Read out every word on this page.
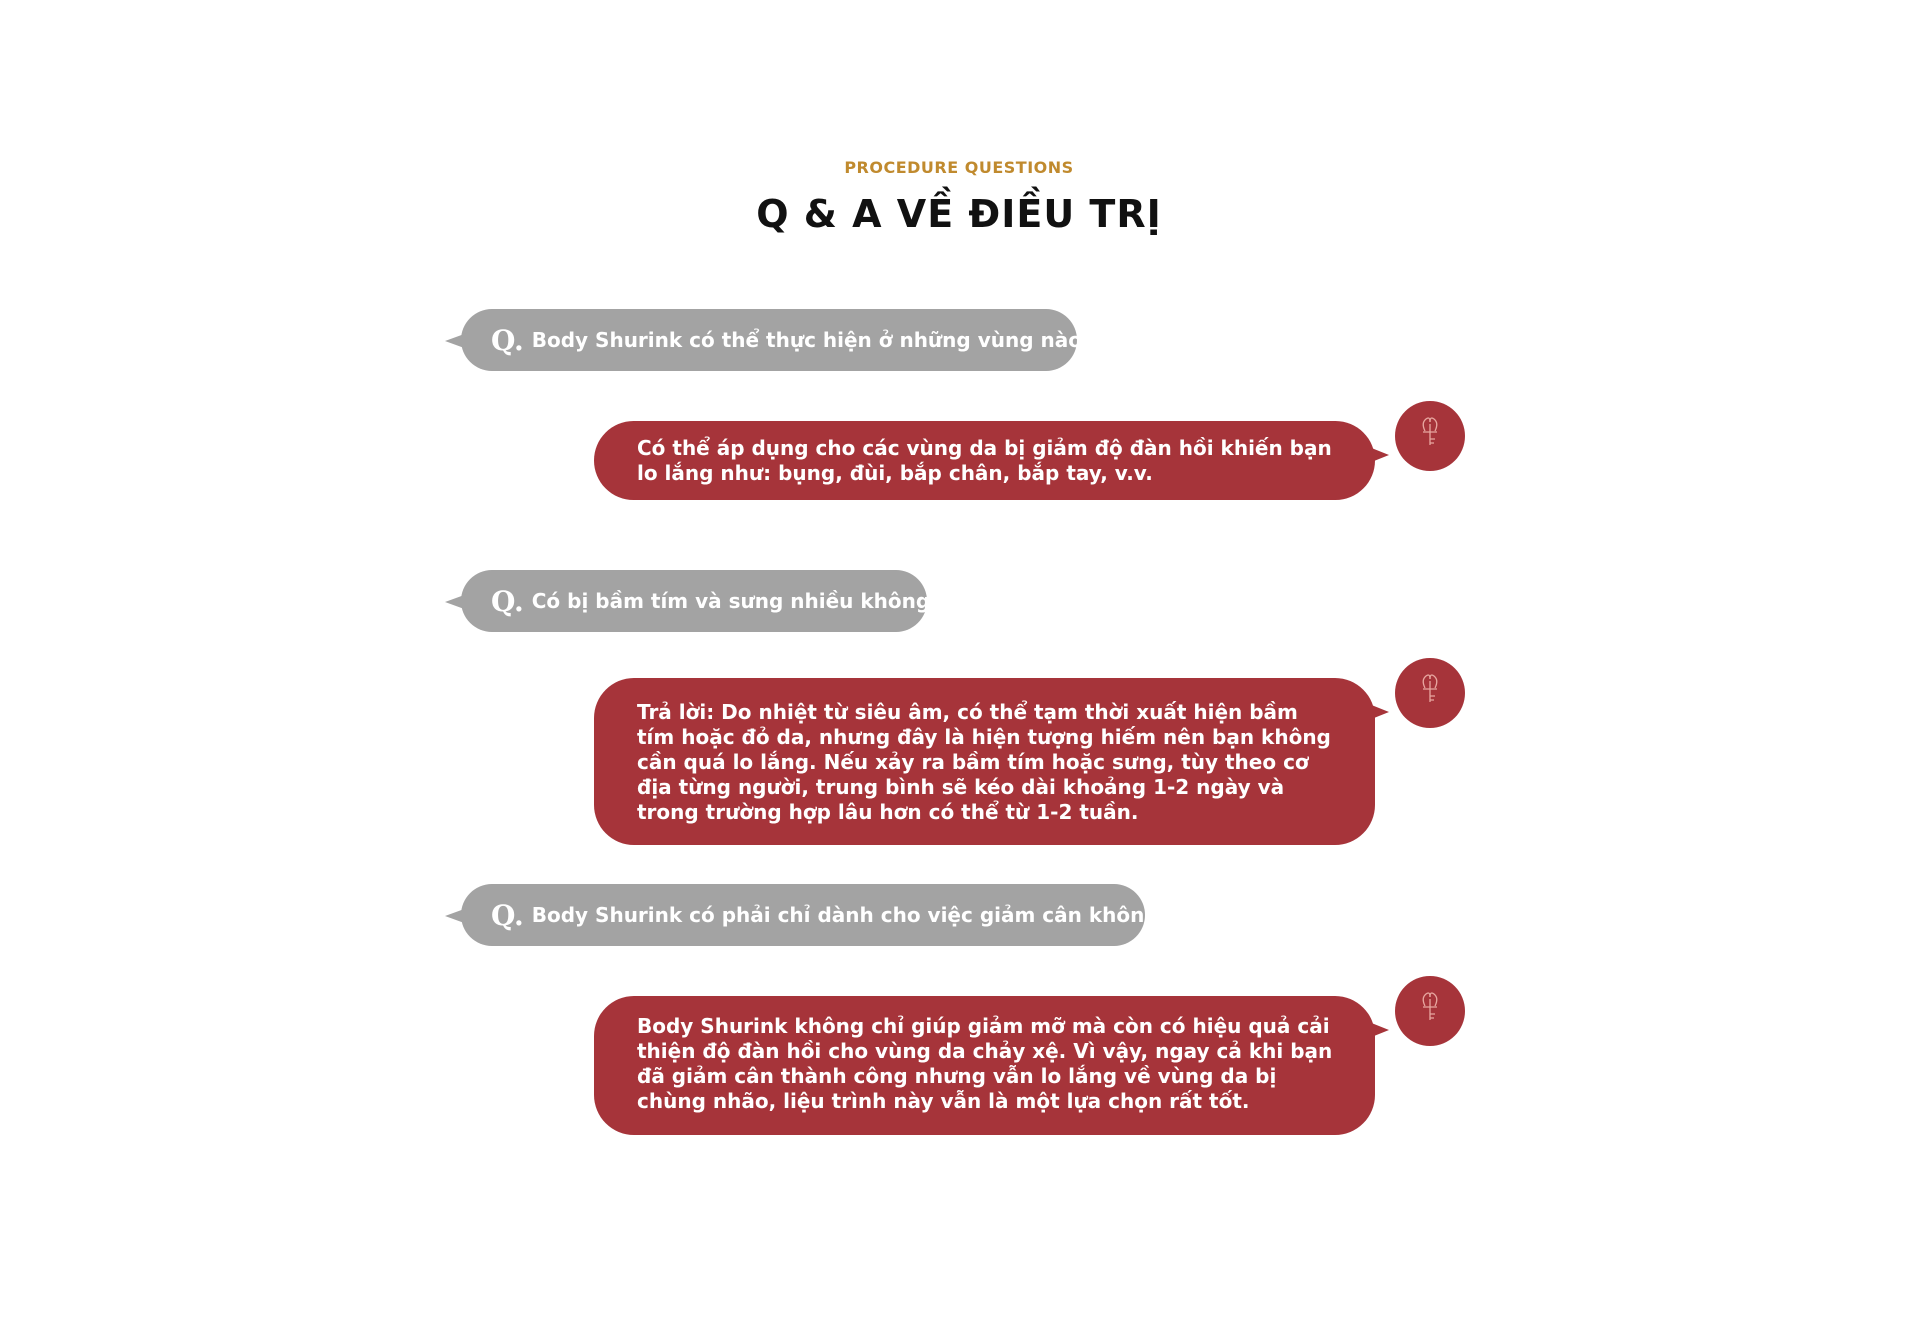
PROCEDURE QUESTIONS
Q & A VỀ ĐIỀU TRỊ
Q. Body Shurink có thể thực hiện ở những vùng nào?

Có thể áp dụng cho các vùng da bị giảm độ đàn hồi khiến bạn lo lắng như: bụng, đùi, bắp chân, bắp tay, v.v.

Q. Có bị bầm tím và sưng nhiều không?

Trả lời: Do nhiệt từ siêu âm, có thể tạm thời xuất hiện bầm tím hoặc đỏ da, nhưng đây là hiện tượng hiếm nên bạn không cần quá lo lắng. Nếu xảy ra bầm tím hoặc sưng, tùy theo cơ địa từng người, trung bình sẽ kéo dài khoảng 1-2 ngày và trong trường hợp lâu hơn có thể từ 1-2 tuần.

Q. Body Shurink có phải chỉ dành cho việc giảm cân không?

Body Shurink không chỉ giúp giảm mỡ mà còn có hiệu quả cải thiện độ đàn hồi cho vùng da chảy xệ. Vì vậy, ngay cả khi bạn đã giảm cân thành công nhưng vẫn lo lắng về vùng da bị chùng nhão, liệu trình này vẫn là một lựa chọn rất tốt.
